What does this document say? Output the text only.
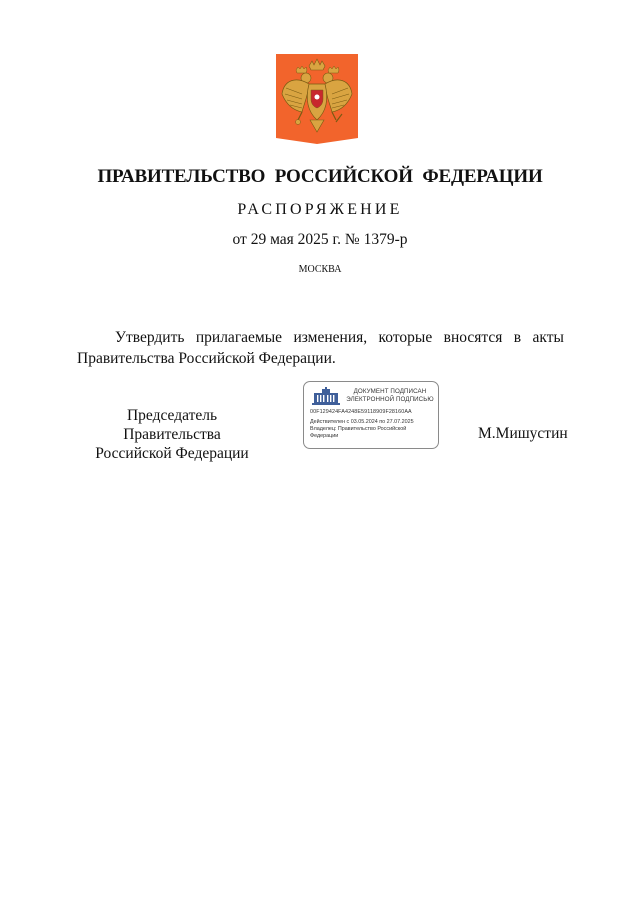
ПРАВИТЕЛЬСТВО РОССИЙСКОЙ ФЕДЕРАЦИИ
РАСПОРЯЖЕНИЕ
от 29 мая 2025 г. № 1379-р
МОСКВА
Утвердить прилагаемые изменения, которые вносятся в акты
Правительства Российской Федерации.
Председатель Правительства
Российской Федерации
ДОКУМЕНТ ПОДПИСАН
ЭЛЕКТРОННОЙ ПОДПИСЬЮ
00F129424FA4248E59118909F28160AA
Действителен с 03.05.2024 по 27.07.2025
Владелец: Правительство Российской Федерации	М.Мишустин
